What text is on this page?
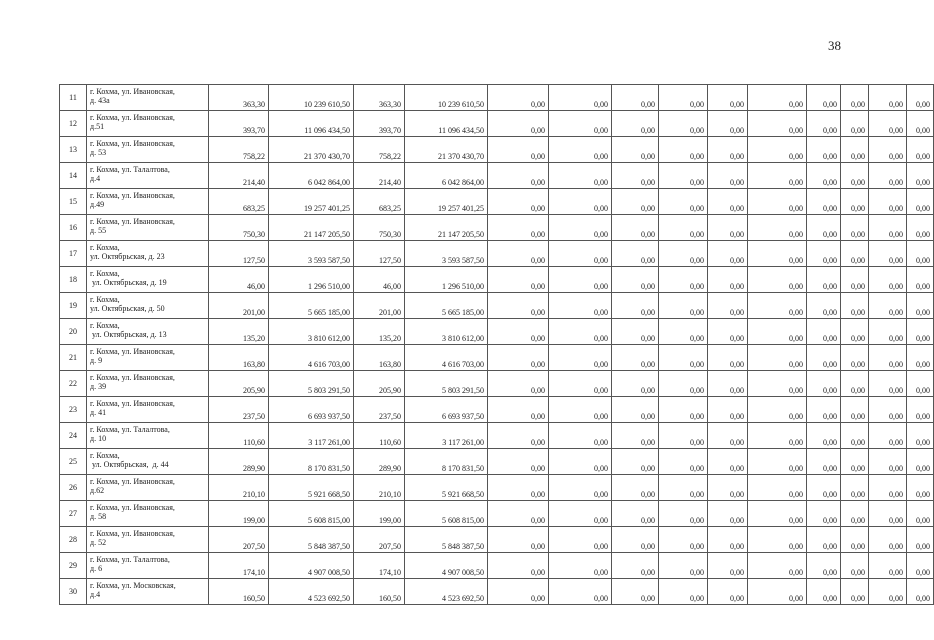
38
11	г. Кохма, ул. Ивановская,
д. 43а	363,30	10 239 610,50	363,30	10 239 610,50	0,00	0,00	0,00	0,00	0,00	0,00	0,00	0,00	0,00	0,00
12	г. Кохма, ул. Ивановская,
д.51	393,70	11 096 434,50	393,70	11 096 434,50	0,00	0,00	0,00	0,00	0,00	0,00	0,00	0,00	0,00	0,00
13	г. Кохма, ул. Ивановская,
д. 53	758,22	21 370 430,70	758,22	21 370 430,70	0,00	0,00	0,00	0,00	0,00	0,00	0,00	0,00	0,00	0,00
14	г. Кохма, ул. Талалтова,
д.4	214,40	6 042 864,00	214,40	6 042 864,00	0,00	0,00	0,00	0,00	0,00	0,00	0,00	0,00	0,00	0,00
15	г. Кохма, ул. Ивановская,
д.49	683,25	19 257 401,25	683,25	19 257 401,25	0,00	0,00	0,00	0,00	0,00	0,00	0,00	0,00	0,00	0,00
16	г. Кохма, ул. Ивановская,
д. 55	750,30	21 147 205,50	750,30	21 147 205,50	0,00	0,00	0,00	0,00	0,00	0,00	0,00	0,00	0,00	0,00
17	г. Кохма,
ул. Октябрьская, д. 23	127,50	3 593 587,50	127,50	3 593 587,50	0,00	0,00	0,00	0,00	0,00	0,00	0,00	0,00	0,00	0,00
18	г. Кохма,
ул. Октябрьская, д. 19	46,00	1 296 510,00	46,00	1 296 510,00	0,00	0,00	0,00	0,00	0,00	0,00	0,00	0,00	0,00	0,00
19	г. Кохма,
ул. Октябрьская, д. 50	201,00	5 665 185,00	201,00	5 665 185,00	0,00	0,00	0,00	0,00	0,00	0,00	0,00	0,00	0,00	0,00
20	г. Кохма,
ул. Октябрьская, д. 13	135,20	3 810 612,00	135,20	3 810 612,00	0,00	0,00	0,00	0,00	0,00	0,00	0,00	0,00	0,00	0,00
21	г. Кохма, ул. Ивановская,
д. 9	163,80	4 616 703,00	163,80	4 616 703,00	0,00	0,00	0,00	0,00	0,00	0,00	0,00	0,00	0,00	0,00
22	г. Кохма, ул. Ивановская,
д. 39	205,90	5 803 291,50	205,90	5 803 291,50	0,00	0,00	0,00	0,00	0,00	0,00	0,00	0,00	0,00	0,00
23	г. Кохма, ул. Ивановская,
д. 41	237,50	6 693 937,50	237,50	6 693 937,50	0,00	0,00	0,00	0,00	0,00	0,00	0,00	0,00	0,00	0,00
24	г. Кохма, ул. Талалтова,
д. 10	110,60	3 117 261,00	110,60	3 117 261,00	0,00	0,00	0,00	0,00	0,00	0,00	0,00	0,00	0,00	0,00
25	г. Кохма,
ул. Октябрьская,  д. 44	289,90	8 170 831,50	289,90	8 170 831,50	0,00	0,00	0,00	0,00	0,00	0,00	0,00	0,00	0,00	0,00
26	г. Кохма, ул. Ивановская,
д.62	210,10	5 921 668,50	210,10	5 921 668,50	0,00	0,00	0,00	0,00	0,00	0,00	0,00	0,00	0,00	0,00
27	г. Кохма, ул. Ивановская,
д. 58	199,00	5 608 815,00	199,00	5 608 815,00	0,00	0,00	0,00	0,00	0,00	0,00	0,00	0,00	0,00	0,00
28	г. Кохма, ул. Ивановская,
д. 52	207,50	5 848 387,50	207,50	5 848 387,50	0,00	0,00	0,00	0,00	0,00	0,00	0,00	0,00	0,00	0,00
29	г. Кохма, ул. Талалтова,
д. 6	174,10	4 907 008,50	174,10	4 907 008,50	0,00	0,00	0,00	0,00	0,00	0,00	0,00	0,00	0,00	0,00
30	г. Кохма, ул. Московская,
д.4	160,50	4 523 692,50	160,50	4 523 692,50	0,00	0,00	0,00	0,00	0,00	0,00	0,00	0,00	0,00	0,00
